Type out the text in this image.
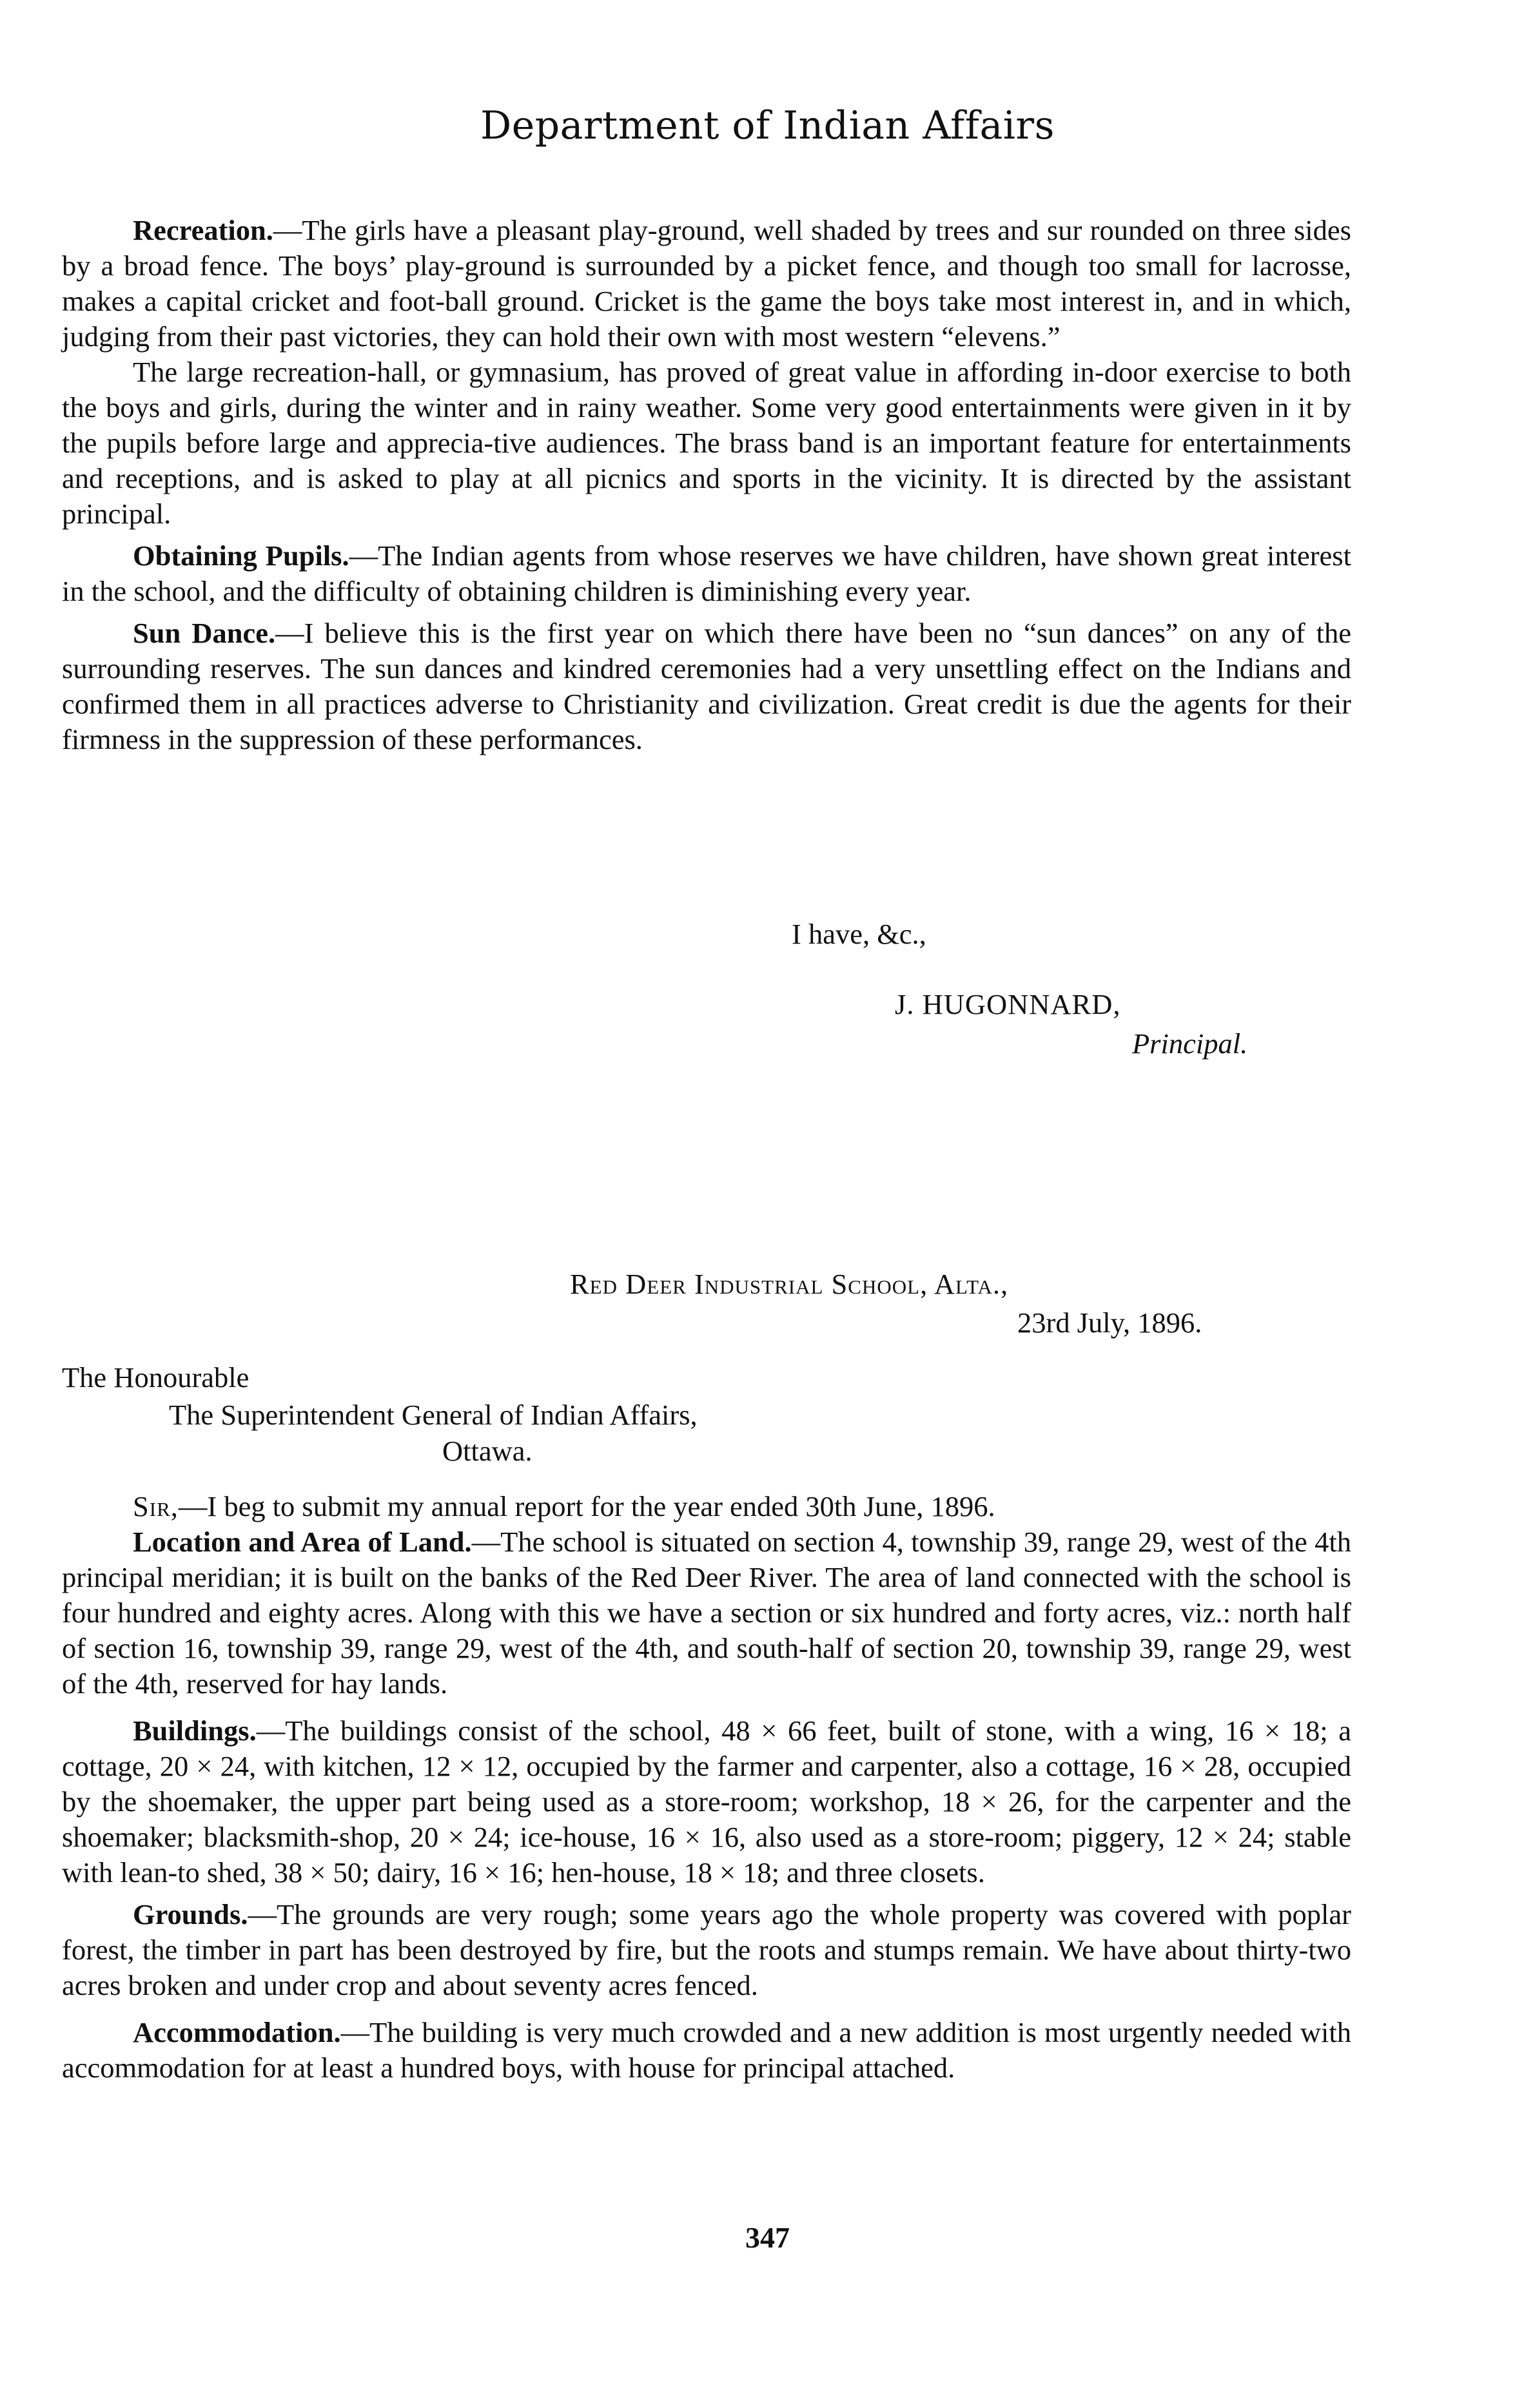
Department of Indian Affairs

Recreation.—The girls have a pleasant play-ground, well shaded by trees and sur rounded on three sides by a broad fence. The boys’ play-ground is surrounded by a picket fence, and though too small for lacrosse, makes a capital cricket and foot-ball ground. Cricket is the game the boys take most interest in, and in which, judging from their past victories, they can hold their own with most western “elevens.”

The large recreation-hall, or gymnasium, has proved of great value in affording in-door exercise to both the boys and girls, during the winter and in rainy weather. Some very good entertainments were given in it by the pupils before large and apprecia-tive audiences. The brass band is an important feature for entertainments and receptions, and is asked to play at all picnics and sports in the vicinity. It is directed by the assistant principal.

Obtaining Pupils.—The Indian agents from whose reserves we have children, have shown great interest in the school, and the difficulty of obtaining children is diminishing every year.

Sun Dance.—I believe this is the first year on which there have been no “sun dances” on any of the surrounding reserves. The sun dances and kindred ceremonies had a very unsettling effect on the Indians and confirmed them in all practices adverse to Christianity and civilization. Great credit is due the agents for their firmness in the suppression of these performances.

I have, &c.,
J. HUGONNARD,
Principal.
Red Deer Industrial School, Alta.,
23rd July, 1896.
The Honourable
The Superintendent General of Indian Affairs,
Ottawa.

Sir,—I beg to submit my annual report for the year ended 30th June, 1896.

Location and Area of Land.—The school is situated on section 4, township 39, range 29, west of the 4th principal meridian; it is built on the banks of the Red Deer River. The area of land connected with the school is four hundred and eighty acres. Along with this we have a section or six hundred and forty acres, viz.: north half of section 16, township 39, range 29, west of the 4th, and south-half of section 20, township 39, range 29, west of the 4th, reserved for hay lands.

Buildings.—The buildings consist of the school, 48 × 66 feet, built of stone, with a wing, 16 × 18; a cottage, 20 × 24, with kitchen, 12 × 12, occupied by the farmer and carpenter, also a cottage, 16 × 28, occupied by the shoemaker, the upper part being used as a store-room; workshop, 18 × 26, for the carpenter and the shoemaker; blacksmith-shop, 20 × 24; ice-house, 16 × 16, also used as a store-room; piggery, 12 × 24; stable with lean-to shed, 38 × 50; dairy, 16 × 16; hen-house, 18 × 18; and three closets.

Grounds.—The grounds are very rough; some years ago the whole property was covered with poplar forest, the timber in part has been destroyed by fire, but the roots and stumps remain. We have about thirty-two acres broken and under crop and about seventy acres fenced.

Accommodation.—The building is very much crowded and a new addition is most urgently needed with accommodation for at least a hundred boys, with house for principal attached.

347
